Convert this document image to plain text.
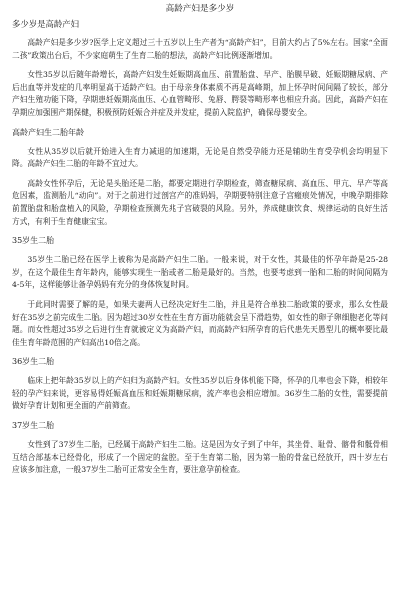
高龄产妇是多少岁
多少岁是高龄产妇

高龄产妇是多少岁?医学上定义超过三十五岁以上生产者为“高龄产妇”，目前大约占了5%左右。国家“全面二孩”政策出台后，不少家庭萌生了生育二胎的想法，高龄产妇比例逐渐增加。

女性35岁以后随年龄增长，高龄产妇发生妊娠期高血压、前置胎盘、早产、胎膜早破、妊娠期糖尿病、产后出血等并发症的几率明显高于适龄产妇。由于母亲身体素质不再是高峰期，加上怀孕时间间隔了较长，部分产妇生殖功能下降，孕期患妊娠期高血压、心血管畸形、兔唇、腭裂等畸形率也相应升高。因此，高龄产妇在孕期应加强围产期保健，积极预防妊娠合并症及并发症，提前入院监护，确保母婴安全。

高龄产妇生二胎年龄

女性从35岁以后就开始进入生育力减退的加速期，无论是自然受孕能力还是辅助生育受孕机会均明显下降。高龄产妇生二胎的年龄不宜过大。

高龄女性怀孕后，无论是头胎还是二胎，都要定期进行孕期检查，筛查糖尿病、高血压、甲亢、早产等高危因素，监测胎儿“动向”。对于之前进行过剖宫产的准妈妈，孕期要特别注意子宫瘢痕处情况，中晚孕期排除前置胎盘和胎盘植入的风险，孕期检查预测先兆子宫破裂的风险。另外，养成健康饮食、规律运动的良好生活方式，有利于生育健康宝宝。

35岁生二胎

35岁生二胎已经在医学上被称为是高龄产妇生二胎。一般来说，对于女性，其最佳的怀孕年龄是25-28岁，在这个最佳生育年龄内，能够实现生一胎或者二胎是最好的。当然，也要考虑到一胎和二胎的时间间隔为4-5年，这样能够让备孕妈妈有充分的身体恢复时间。

于此同时需要了解的是，如果夫妻两人已经决定好生二胎，并且是符合单独二胎政策的要求，那么女性最好在35岁之前完成生二胎。因为超过30岁女性在生育方面功能就会呈下滑趋势，如女性的卵子卵细胞老化等问题。而女性超过35岁之后进行生育就被定义为高龄产妇，而高龄产妇所孕育的后代患先天愚型儿的概率要比最佳生育年龄范围的产妇高出10倍之高。

36岁生二胎

临床上把年龄35岁以上的产妇归为高龄产妇。女性35岁以后身体机能下降，怀孕的几率也会下降，相较年轻的孕产妇来说，更容易得妊娠高血压和妊娠期糖尿病，流产率也会相应增加。36岁生二胎的女性，需要提前做好孕育计划和更全面的产前筛查。

37岁生二胎

女性到了37岁生二胎，已经属于高龄产妇生二胎。这是因为女子到了中年，其坐骨、耻骨、髂骨和骶骨相互结合部基本已经骨化，形成了一个固定的盆腔。至于生育第二胎，因为第一胎的骨盆已经放开，四十岁左右应该多加注意，一般37岁生二胎可正常安全生育，要注意孕前检查。
